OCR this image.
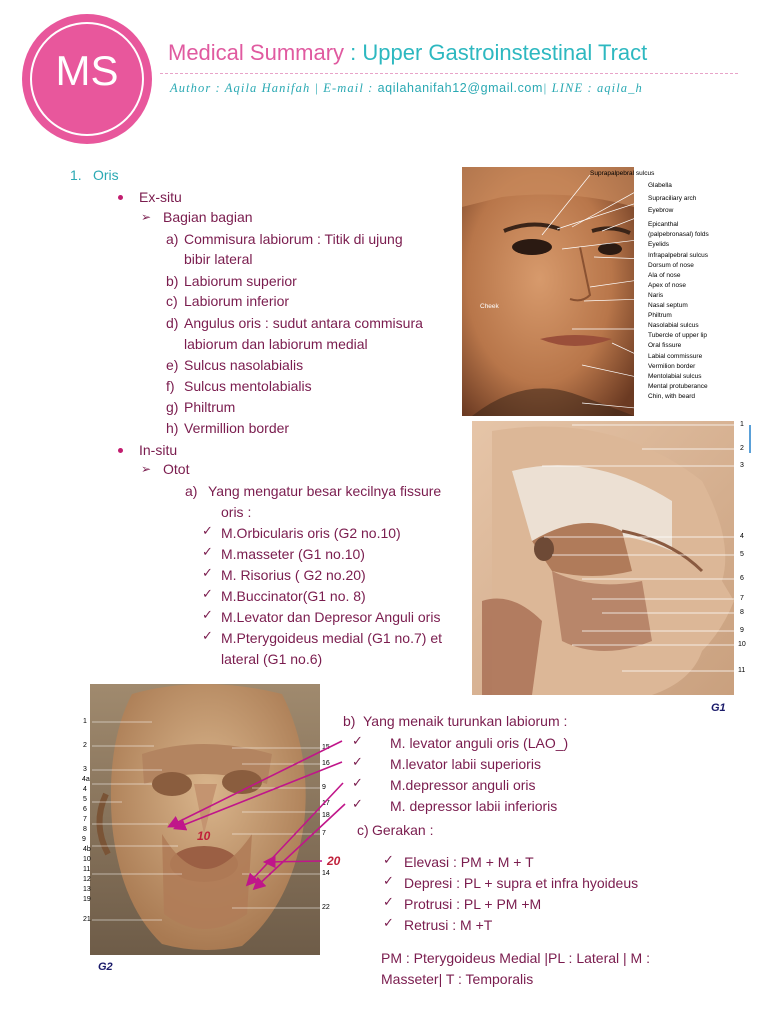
MS	Medical Summary : Upper Gastroinstestinal Tract
Author : Aqila Hanifah | E-mail : aqilahanifah12@gmail.com| LINE : aqila_h
1. Oris
Ex-situ
➢ Bagian bagian
a) Commisura labiorum : Titik di ujung
bibir lateral
b) Labiorum superior
c) Labiorum inferior
d) Angulus oris : sudut antara commisura
labiorum dan labiorum medial
e) Sulcus nasolabialis
f) Sulcus mentolabialis
g) Philtrum
h) Vermillion border
In-situ
➢ Otot
a) Yang mengatur besar kecilnya fissure
oris :
✓ M.Orbicularis oris (G2 no.10)
✓ M.masseter (G1 no.10)
✓ M. Risorius ( G2 no.20)
✓ M.Buccinator(G1 no. 8)
✓ M.Levator dan Depresor Anguli oris
✓ M.Pterygoideus medial (G1 no.7) et
lateral (G1 no.6)
b) Yang menaik turunkan labiorum :
✓ M. levator anguli oris (LAO_)
✓ M.levator labii superioris
✓ M.depressor anguli oris
✓ M. depressor labii inferioris
c) Gerakan :
✓ Elevasi : PM + M + T
✓ Depresi : PL + supra et infra hyoideus
✓ Protrusi : PL + PM +M
✓ Retrusi : M +T
PM : Pterygoideus Medial |PL : Lateral | M :
Masseter| T : Temporalis
Cheek
Suprapalpebral sulcus
Glabella
Supraciliary arch
Eyebrow
Epicanthal
(palpebronasal) folds
Eyelids
Infrapalpebral sulcus
Dorsum of nose
Ala of nose
Apex of nose
Naris
Nasal septum
Philtrum
Nasolabial sulcus
Tubercle of upper lip
Oral fissure
Labial commissure
Vermilion border
Mentolabial sulcus
Mental protuberance
Chin, with beard
1
2
3
4
5
6
7
8
9
10
11
G1
1
2
3
4a
4
5
6
7
8
9
4b
10
11
12
13
21
19
15
16
9
17
18
7
14
22
G2
10
20
